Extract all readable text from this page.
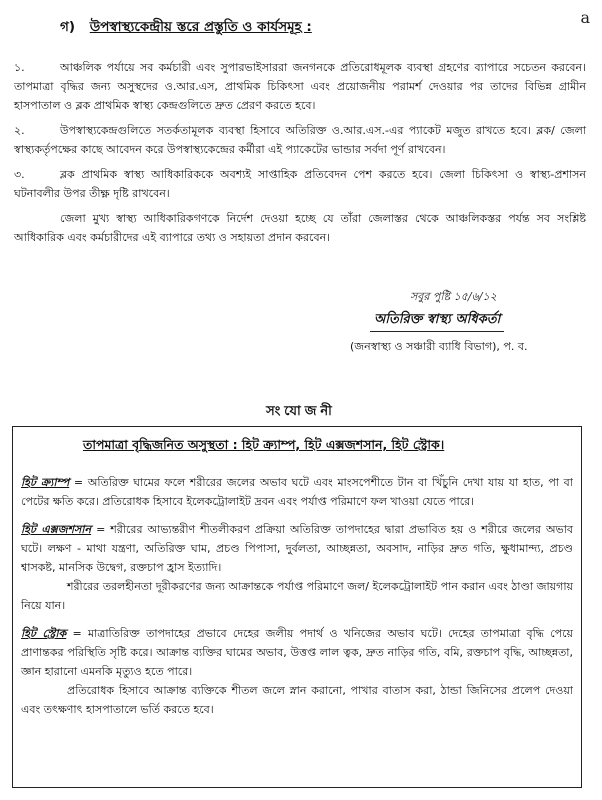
a
গ) উপস্বাস্থ্যকেন্দ্রীয় স্তরে প্রস্তুতি ও কার্যসমূহ :

১.	আঞ্চলিক পর্যায়ে সব কর্মচারী এবং সুপারভাইসাররা জনগনকে প্রতিরোধমূলক ব্যবস্থা গ্রহণের ব্যাপারে সচেতন করবেন। তাপমাত্রা বৃদ্ধির জন্য অসুস্থদের ও.আর.এস, প্রাথমিক চিকিৎসা এবং প্রয়োজনীয় পরামর্শ দেওয়ার পর তাদের বিভিন্ন গ্রামীন হাসপাতাল ও ব্লক প্রাথমিক স্বাস্থ্য কেন্দ্রগুলিতে দ্রুত প্রেরণ করতে হবে।

২.	উপস্বাস্থ্যকেন্দ্রগুলিতে সতর্কতামূলক ব্যবস্থা হিসাবে অতিরিক্ত ও.আর.এস.-এর প্যাকেট মজুত রাখতে হবে। ব্লক/ জেলা স্বাস্থ্যকর্তৃপক্ষের কাছে আবেদন করে উপস্বাস্থ্যকেন্দ্রের কর্মীরা এই প্যাকেটের ভান্ডার সর্বদা পূর্ণ রাখবেন।

৩.	ব্লক প্রাথমিক স্বাস্থ্য আধিকারিককে অবশ্যই সাপ্তাহিক প্রতিবেদন পেশ করতে হবে। জেলা চিকিৎসা ও স্বাস্থ্য-প্রশাসন ঘটনাবলীর উপর তীক্ষ্ণ দৃষ্টি রাখবেন।

জেলা মুখ্য স্বাস্থ্য আধিকারিকগণকে নির্দেশ দেওয়া হচ্ছে যে তাঁরা জেলাস্তর থেকে আঞ্চলিকস্তর পর্যন্ত সব সংশ্লিষ্ট আধিকারিক এবং কর্মচারীদের এই ব্যাপারে তথ্য ও সহায়তা প্রদান করবেন।

সবুর পুষ্টি ১৫/৬/১২
অতিরিক্ত স্বাস্থ্য অধিকর্তা
(জনস্বাস্থ্য ও সঞ্চারী ব্যাধি বিভাগ), প. ব.
সংযোজনী
তাপমাত্রা বৃদ্ধিজনিত অসুস্থতা : হিট ক্র্যাম্প, হিট এক্সজশসান, হিট স্ট্রোক।

হিট ক্র্যাম্প = অতিরিক্ত ঘামের ফলে শরীরের জলের অভাব ঘটে এবং মাংসপেশীতে টান বা খিঁচুনি দেখা যায় যা হাত, পা বা পেটের ক্ষতি করে। প্রতিরোধক হিসাবে ইলেকট্রোলাইট দ্রবন এবং পর্যাপ্ত পরিমাণে ফল খাওয়া যেতে পারে।

হিট এক্সজশসান = শরীরের আভ্যন্তরীণ শীতলীকরণ প্রক্রিয়া অতিরিক্ত তাপদাহের দ্বারা প্রভাবিত হয় ও শরীরে জলের অভাব ঘটে। লক্ষণ - মাথা যন্ত্রণা, অতিরিক্ত ঘাম, প্রচণ্ড পিপাসা, দুর্বলতা, আচ্ছন্নতা, অবসাদ, নাড়ির দ্রুত গতি, ক্ষুধামান্দ্য, প্রচণ্ড শ্বাসকষ্ট, মানসিক উদ্বেগ, রক্তচাপ হ্রাস ইত্যাদি।
শরীরের তরলহীনতা দূরীকরণের জন্য আক্রান্তকে পর্যাপ্ত পরিমাণে জল/ ইলেকট্রোলাইট পান করান এবং ঠাণ্ডা জায়গায় নিয়ে যান।

হিট স্ট্রোক = মাত্রাতিরিক্ত তাপদাহের প্রভাবে দেহের জলীয় পদার্থ ও খনিজের অভাব ঘটে। দেহের তাপমাত্রা বৃদ্ধি পেয়ে প্রাণান্তকর পরিস্থিতি সৃষ্টি করে। আক্রান্ত ব্যক্তির ঘামের অভাব, উত্তপ্ত লাল ত্বক, দ্রুত নাড়ির গতি, বমি, রক্তচাপ বৃদ্ধি, আচ্ছন্নতা, জ্ঞান হারানো এমনকি মৃত্যুও হতে পারে।
প্রতিরোধক হিসাবে আক্রান্ত ব্যক্তিকে শীতল জলে স্নান করানো, পাখার বাতাস করা, ঠান্ডা জিনিসের প্রলেপ দেওয়া এবং তৎক্ষণাৎ হাসপাতালে ভর্তি করতে হবে।
